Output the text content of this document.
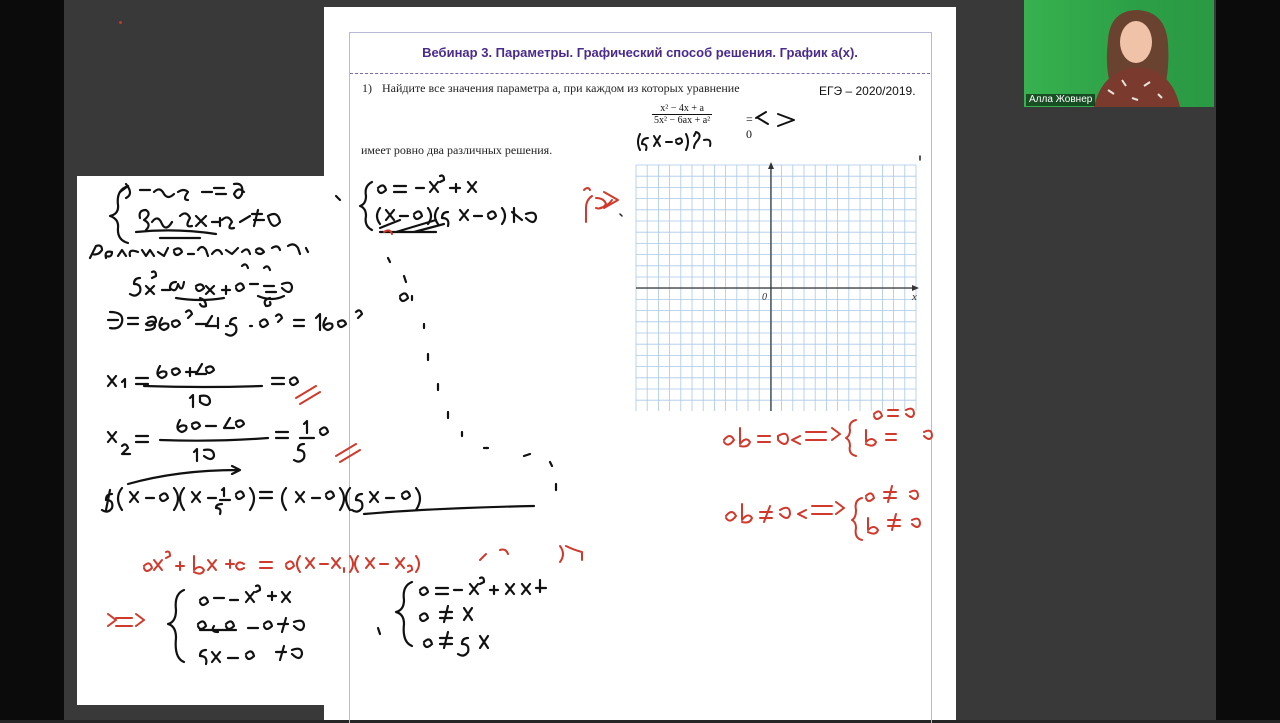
Вебинар 3. Параметры. Графический способ решения. График a(x).
1) Найдите все значения параметра a, при каждом из которых уравнение	ЕГЭ – 2020/2019.
x² − 4x + a
5x² − 6ax + a²	= 0
имеет ровно два различных решения.
0	x
Алла Жовнер
